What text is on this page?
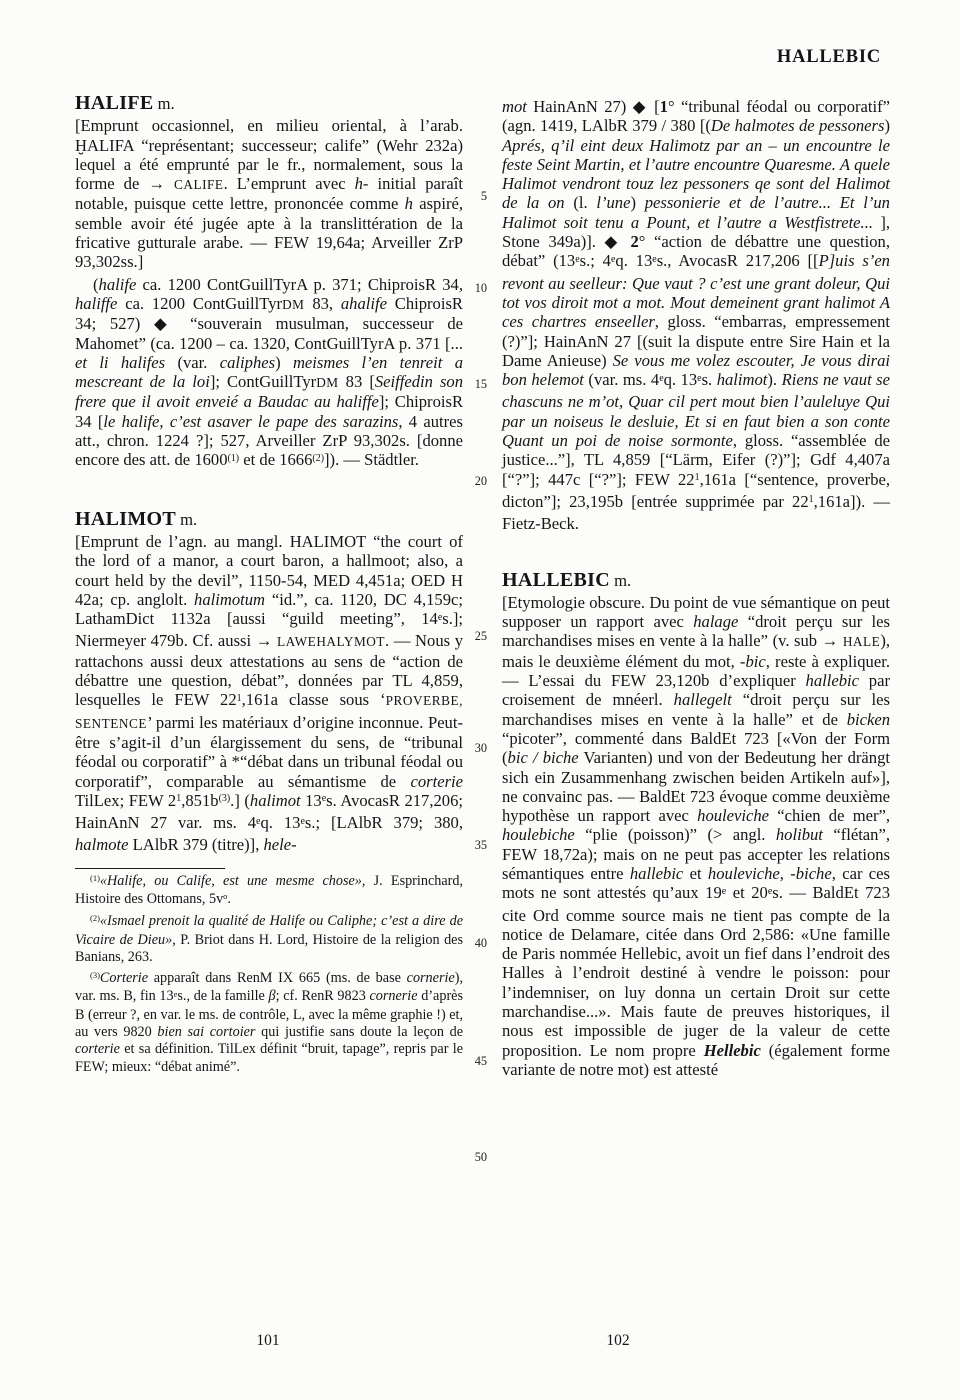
HALLEBIC
HALIFE m.

[Emprunt occasionnel, en milieu oriental, à l’arab. ḪALIFA “représentant; successeur; calife” (Wehr 232a) lequel a été emprunté par le fr., normalement, sous la forme de → CALIFE. L’emprunt avec h- initial paraît notable, puisque cette lettre, prononcée comme h aspiré, semble avoir été jugée apte à la translittération de la fricative gutturale arabe. — FEW 19,64a; Arveiller ZrP 93,302ss.]

(halife ca. 1200 ContGuillTyrA p. 371; ChiproisR 34, haliffe ca. 1200 ContGuillTyrDM 83, ahalife ChiproisR 34; 527) ◆ “souverain musulman, successeur de Mahomet” (ca. 1200 – ca. 1320, ContGuillTyrA p. 371 [... et li halifes (var. caliphes) meismes l’en tenreit a mescreant de la loi]; ContGuillTyrDM 83 [Seiffedin son frere que il avoit enveié a Baudac au haliffe]; ChiproisR 34 [le halife, c’est asaver le pape des sarazins, 4 autres att., chron. 1224 ?]; 527, Arveiller ZrP 93,302s. [donne encore des att. de 1600$^{(1)}$ et de 1666$^{(2)}$]). — Städtler.

HALIMOT m.

[Emprunt de l’agn. au mangl. HALIMOT “the court of the lord of a manor, a court baron, a hallmoot; also, a court held by the devil”, 1150-54, MED 4,451a; OED H 42a; cp. anglolt. halimotum “id.”, ca. 1120, DC 4,159c; LathamDict 1132a [aussi “guild meeting”, 14es.]; Niermeyer 479b. Cf. aussi → LAWEHALYMOT. — Nous y rattachons aussi deux attestations au sens de “action de débattre une question, débat”, données par TL 4,859, lesquelles le FEW $22^1,161a$ classe sous ‘PROVERBE, SENTENCE’ parmi les matériaux d’origine inconnue. Peut-être s’agit-il d’un élargissement du sens, de “tribunal féodal ou corporatif” à *“débat dans un tribunal féodal ou corporatif”, comparable au sémantisme de corterie TilLex; FEW $2^1,851b^{(3)}$.] (halimot 13es. AvocasR 217,206; HainAnN 27 var. ms. 4eq. 13es.; [LAlbR 379; 380, halmote LAlbR 379 (titre)], hele-

$^{(1)}$«Halife, ou Calife, est une mesme chose», J. Esprinchard, Histoire des Ottomans, $5v^o$.

$^{(2)}$«Ismael prenoit la qualité de Halife ou Caliphe; c’est a dire de Vicaire de Dieu», P. Briot dans H. Lord, Histoire de la religion des Banians, 263.

$^{(3)}$Corterie apparaît dans RenM IX 665 (ms. de base cornerie), var. ms. B, fin 13es., de la famille β; cf. RenR 9823 cornerie d’après B (erreur ?, en var. le ms. de contrôle, L, avec la même graphie !) et, au vers 9820 bien sai cortoier qui justifie sans doute la leçon de corterie et sa définition. TilLex définit “bruit, tapage”, repris par le FEW; mieux: “débat animé”.

5
10
15
20
25
30
35
40
45
50

mot HainAnN 27) ◆ [1° “tribunal féodal ou corporatif” (agn. 1419, LAlbR 379 / 380 [(De halmotes de pessoners) Aprés, q’il eint deux Halimotz par an – un encountre le feste Seint Martin, et l’autre encountre Quaresme. A quele Halimot vendront touz lez pessoners qe sont del Halimot de la on (l. l’une) pessonierie et de l’autre... Et l’un Halimot soit tenu a Pount, et l’autre a Westfistrete... ], Stone 349a)]. ◆ 2° “action de débattre une question, débat” (13es.; 4eq. 13es., AvocasR 217,206 [[P]uis s’en revont au seelleur: Que vaut ? c’est une grant doleur, Qui tot vos diroit mot a mot. Mout demeinent grant halimot A ces chartres enseeller, gloss. “embarras, empressement (?)”]; HainAnN 27 [(suit la dispute entre Sire Hain et la Dame Anieuse) Se vous me volez escouter, Je vous dirai bon helemot (var. ms. 4eq. 13es. halimot). Riens ne vaut se chascuns ne m’ot, Quar cil pert mout bien l’auleluye Qui par un noiseus le desluie, Et si en faut bien a son conte Quant un poi de noise sormonte, gloss. “assemblée de justice...”], TL 4,859 [“Lärm, Eifer (?)”]; Gdf 4,407a [“?”]; 447c [“?”]; FEW $22^1,161a$ [“sentence, proverbe, dicton”]; 23,195b [entrée supprimée par $22^1,161a$]). — Fietz-Beck.

HALLEBIC m.

[Etymologie obscure. Du point de vue sémantique on peut supposer un rapport avec halage “droit perçu sur les marchandises mises en vente à la halle” (v. sub → HALE), mais le deuxième élément du mot, -bic, reste à expliquer. — L’essai du FEW 23,120b d’expliquer hallebic par croisement de mnéerl. hallegelt “droit perçu sur les marchandises mises en vente à la halle” et de bicken “picoter”, commenté dans BaldEt 723 [«Von der Form (bic / biche Varianten) und von der Bedeutung her drängt sich ein Zusammenhang zwischen beiden Artikeln auf»], ne convainc pas. — BaldEt 723 évoque comme deuxième hypothèse un rapport avec houleviche “chien de mer”, houlebiche “plie (poisson)” (> angl. holibut “flétan”, FEW 18,72a); mais on ne peut pas accepter les relations sémantiques entre hallebic et houleviche, -biche, car ces mots ne sont attestés qu’aux 19e et 20es. — BaldEt 723 cite Ord comme source mais ne tient pas compte de la notice de Delamare, citée dans Ord 2,586: «Une famille de Paris nommée Hellebic, avoit un fief dans l’endroit des Halles à l’endroit destiné à vendre le poisson: pour l’indemniser, on luy donna un certain Droit sur cette marchandise...». Mais faute de preuves historiques, il nous est impossible de juger de la valeur de cette proposition. Le nom propre Hellebic (également forme variante de notre mot) est attesté

101	102
